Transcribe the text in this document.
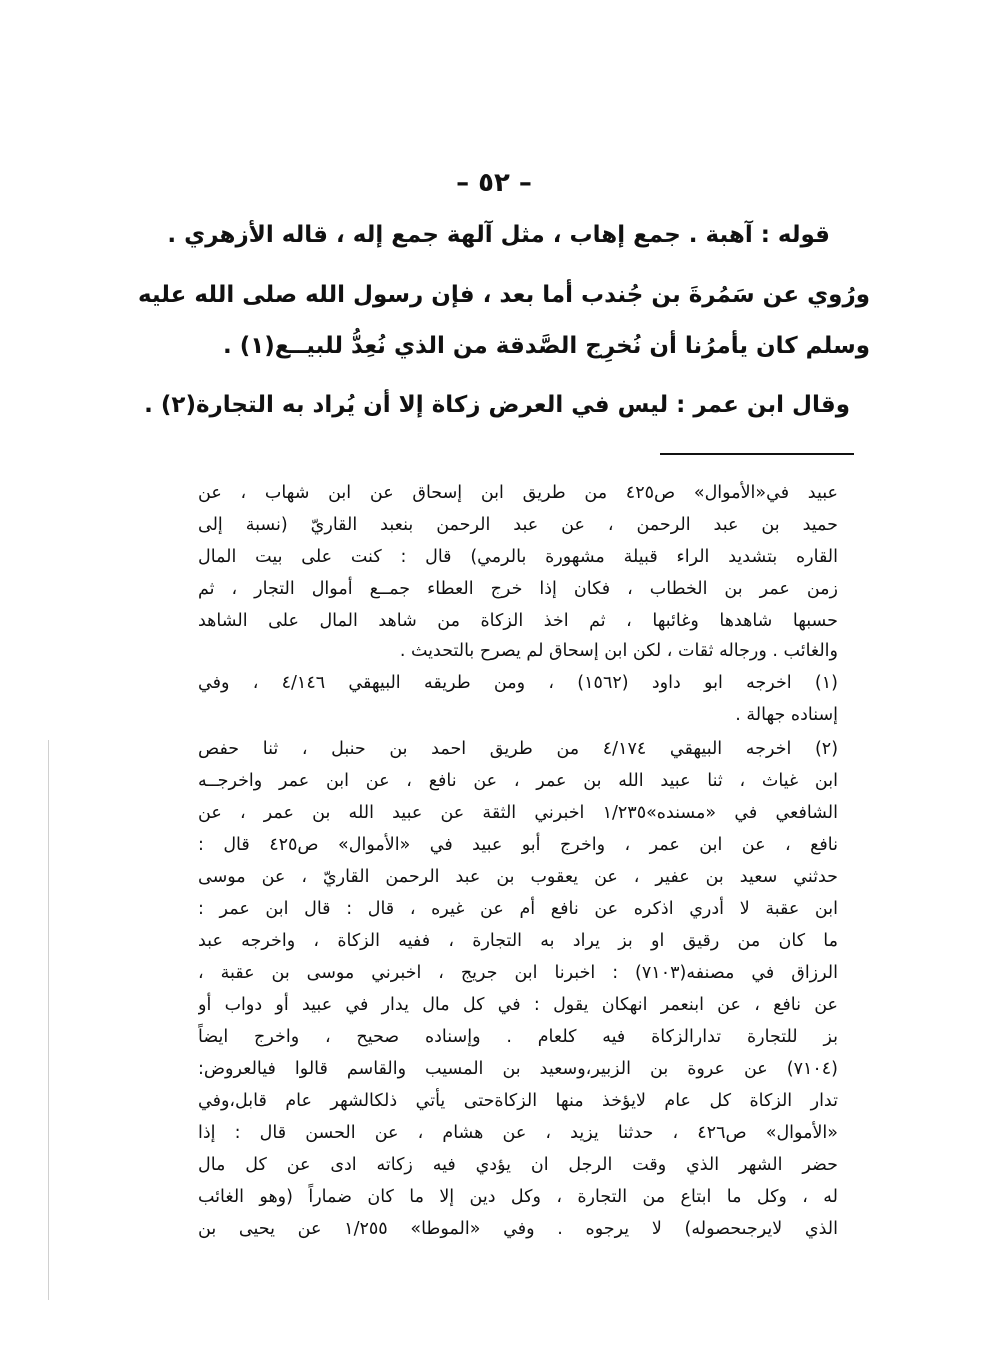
– ٥٢ –
قوله : آهبة . جمع إهاب ، مثل آلهة جمع إله ، قاله الأزهري .
ورُوي عن سَمُرةَ بن جُندب أما بعد ، فإن رسول الله صلى الله عليه
وسلم كان يأمرُنا أن نُخرِج الصَّدقة من الذي نُعِدُّ للبيــع(١) .
وقال ابن عمر : ليس في العرض زكاة إلا أن يُراد به التجارة(٢) .
عبيد في«الأموال» ص٤٢٥ من طريق ابن إسحاق عن ابن شهاب ، عن
حميد بن عبد الرحمن ، عن عبد الرحمن بنعبد القاريّ (نسبة إلى
القاره بتشديد الراء قبيلة مشهورة بالرمي) قال : كنت على بيت المال
زمن عمر بن الخطاب ، فكان إذا خرج العطاء جمــع أموال التجار ، ثم
حسبها شاهدها وغائبها ، ثم اخذ الزكاة من شاهد المال على الشاهد
والغائب . ورجاله ثقات ، لكن ابن إسحاق لم يصرح بالتحديث .
(١) اخرجه ابو داود (١٥٦٢) ، ومن طريقه البيهقي ٤/١٤٦ ، وفي
إسناده جهالة .
(٢) اخرجه البيهقي ٤/١٧٤ من طريق احمد بن حنبل ، ثنا حفص
ابن غياث ، ثنا عبيد الله بن عمر ، عن نافع ، عن ابن عمر واخرجــه
الشافعي في «مسنده»١/٢٣٥ اخبرني الثقة عن عبيد الله بن عمر ، عن
نافع ، عن ابن عمر ، واخرج أبو عبيد في «الأموال» ص٤٢٥ قال :
حدثني سعيد بن عفير ، عن يعقوب بن عبد الرحمن القاريّ ، عن موسى
ابن عقبة لا أدري اذكره عن نافع أم عن غيره ، قال : قال ابن عمر :
ما كان من رقيق او بز يراد به التجارة ، ففيه الزكاة ، واخرجه عبد
الرزاق في مصنفه(٧١٠٣) : اخبرنا ابن جريج ، اخبرني موسى بن عقبة ،
عن نافع ، عن ابنعمر انهكان يقول : في كل مال يدار في عبيد أو دواب أو
بز للتجارة تدارالزكاة فيه كلعام . وإسناده صحيح ، واخرج ايضاً
(٧١٠٤) عن عروة بن الزبير،وسعيد بن المسيب والقاسم قالوا فيالعروض:
تدار الزكاة كل عام لايؤخذ منها الزكاةحتى يأتي ذلكالشهر عام قابل،وفي
«الأموال» ص٤٢٦ ، حدثنا يزيد ، عن هشام ، عن الحسن قال : إذا
حضر الشهر الذي وقت الرجل ان يؤدي فيه زكاته ادى عن كل مال
له ، وكل ما ابتاع من التجارة ، وكل دين إلا ما كان ضماراً (وهو الغائب
الذي لايرجىحصوله) لا يرجوه . وفي «الموطا» ١/٢٥٥ عن يحيى بن
